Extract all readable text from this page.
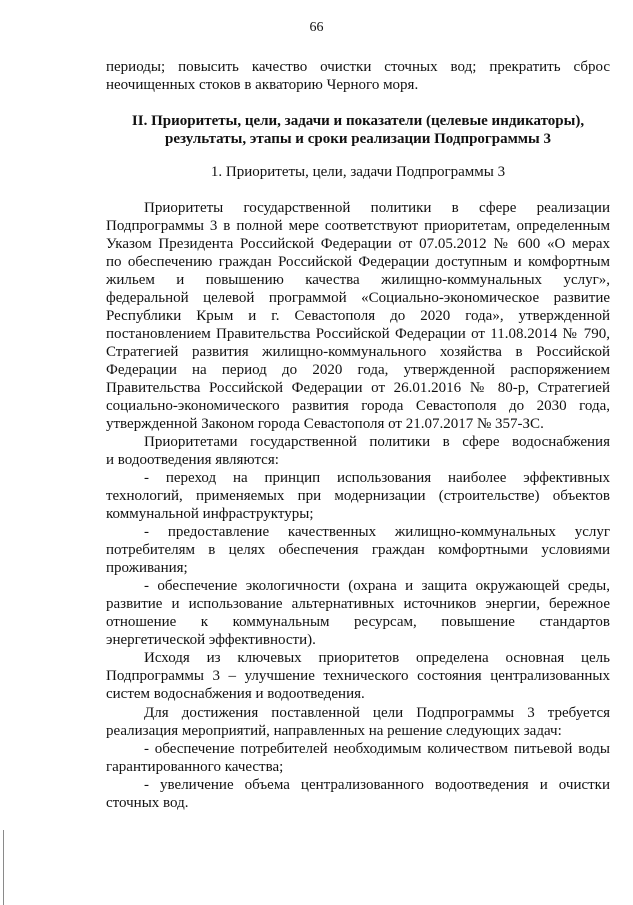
66
периоды; повысить качество очистки сточных вод; прекратить сброс
неочищенных стоков в акваторию Черного моря.
II. Приоритеты, цели, задачи и показатели (целевые индикаторы),
результаты, этапы и сроки реализации Подпрограммы 3
1. Приоритеты, цели, задачи Подпрограммы 3
Приоритеты государственной политики в сфере реализации
Подпрограммы 3 в полной мере соответствуют приоритетам, определенным
Указом Президента Российской Федерации от 07.05.2012 № 600 «О мерах
по обеспечению граждан Российской Федерации доступным и комфортным
жильем и повышению качества жилищно-коммунальных услуг»,
федеральной целевой программой «Социально-экономическое развитие
Республики Крым и г. Севастополя до 2020 года», утвержденной
постановлением Правительства Российской Федерации от 11.08.2014 № 790,
Стратегией развития жилищно-коммунального хозяйства в Российской
Федерации на период до 2020 года, утвержденной распоряжением
Правительства Российской Федерации от 26.01.2016 № 80-р, Стратегией
социально-экономического развития города Севастополя до 2030 года,
утвержденной Законом города Севастополя от 21.07.2017 № 357-ЗС.
Приоритетами государственной политики в сфере водоснабжения
и водоотведения являются:
- переход на принцип использования наиболее эффективных
технологий, применяемых при модернизации (строительстве) объектов
коммунальной инфраструктуры;
- предоставление качественных жилищно-коммунальных услуг
потребителям в целях обеспечения граждан комфортными условиями
проживания;
- обеспечение экологичности (охрана и защита окружающей среды,
развитие и использование альтернативных источников энергии, бережное
отношение к коммунальным ресурсам, повышение стандартов
энергетической эффективности).
Исходя из ключевых приоритетов определена основная цель
Подпрограммы 3 – улучшение технического состояния централизованных
систем водоснабжения и водоотведения.
Для достижения поставленной цели Подпрограммы 3 требуется
реализация мероприятий, направленных на решение следующих задач:
- обеспечение потребителей необходимым количеством питьевой воды
гарантированного качества;
- увеличение объема централизованного водоотведения и очистки
сточных вод.
